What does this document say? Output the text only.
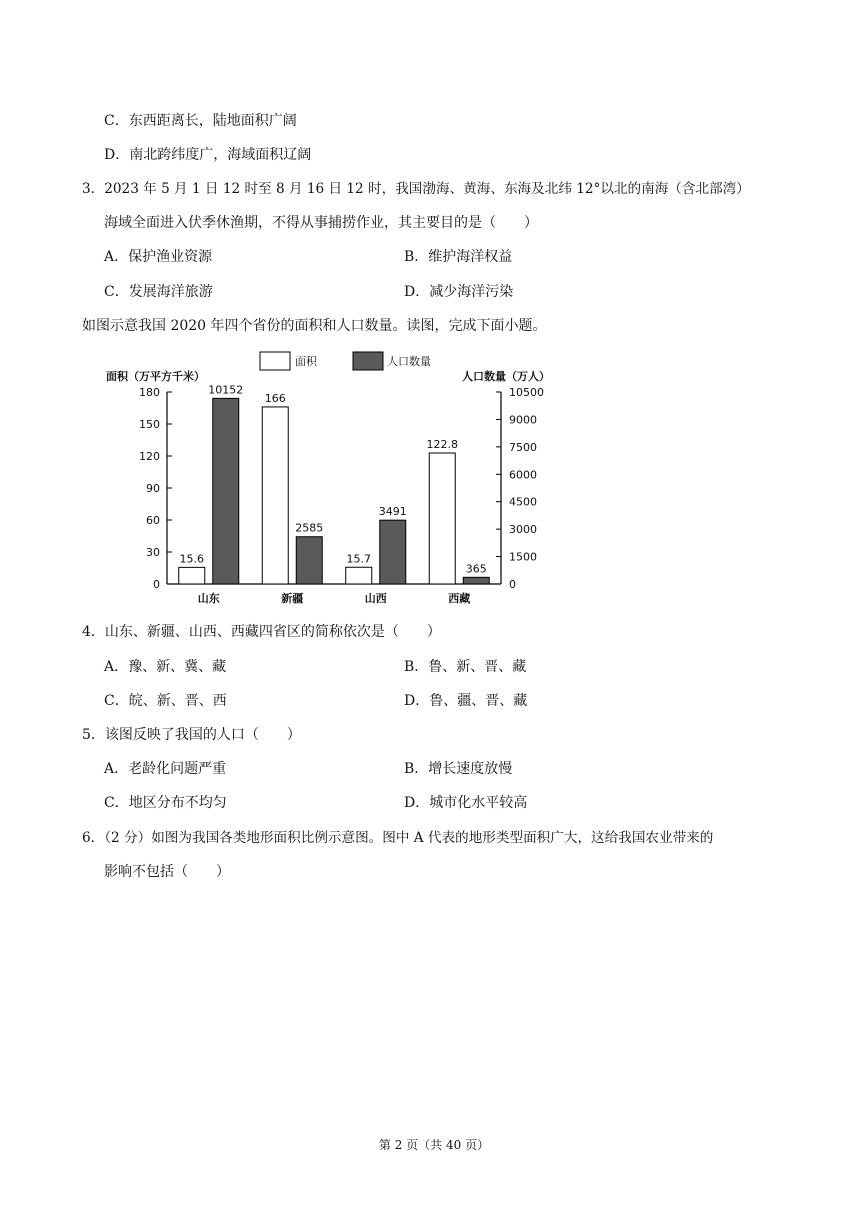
C．东西距离长，陆地面积广阔
D．南北跨纬度广，海域面积辽阔
3．2023 年 5 月 1 日 12 时至 8 月 16 日 12 时，我国渤海、黄海、东海及北纬 12°以北的南海（含北部湾）
海域全面进入伏季休渔期，不得从事捕捞作业，其主要目的是（　　）
A．保护渔业资源	B．维护海洋权益
C．发展海洋旅游	D．减少海洋污染
如图示意我国 2020 年四个省份的面积和人口数量。读图，完成下面小题。
面积	人口数量
面积（万平方千米）	人口数量（万人）
0
30
60
90
120
150
180
0
1500
3000
4500
6000
7500
9000
10500
15.6
10152
166
2585
15.7
3491
122.8
365
山东	新疆	山西	西藏
4．山东、新疆、山西、西藏四省区的简称依次是（　　）
A．豫、新、冀、藏	B．鲁、新、晋、藏
C．皖、新、晋、西	D．鲁、疆、晋、藏
5．该图反映了我国的人口（　　）
A．老龄化问题严重	B．增长速度放慢
C．地区分布不均匀	D．城市化水平较高
6．（2 分）如图为我国各类地形面积比例示意图。图中 A 代表的地形类型面积广大，这给我国农业带来的
影响不包括（　　）
第 2 页（共 40 页）
